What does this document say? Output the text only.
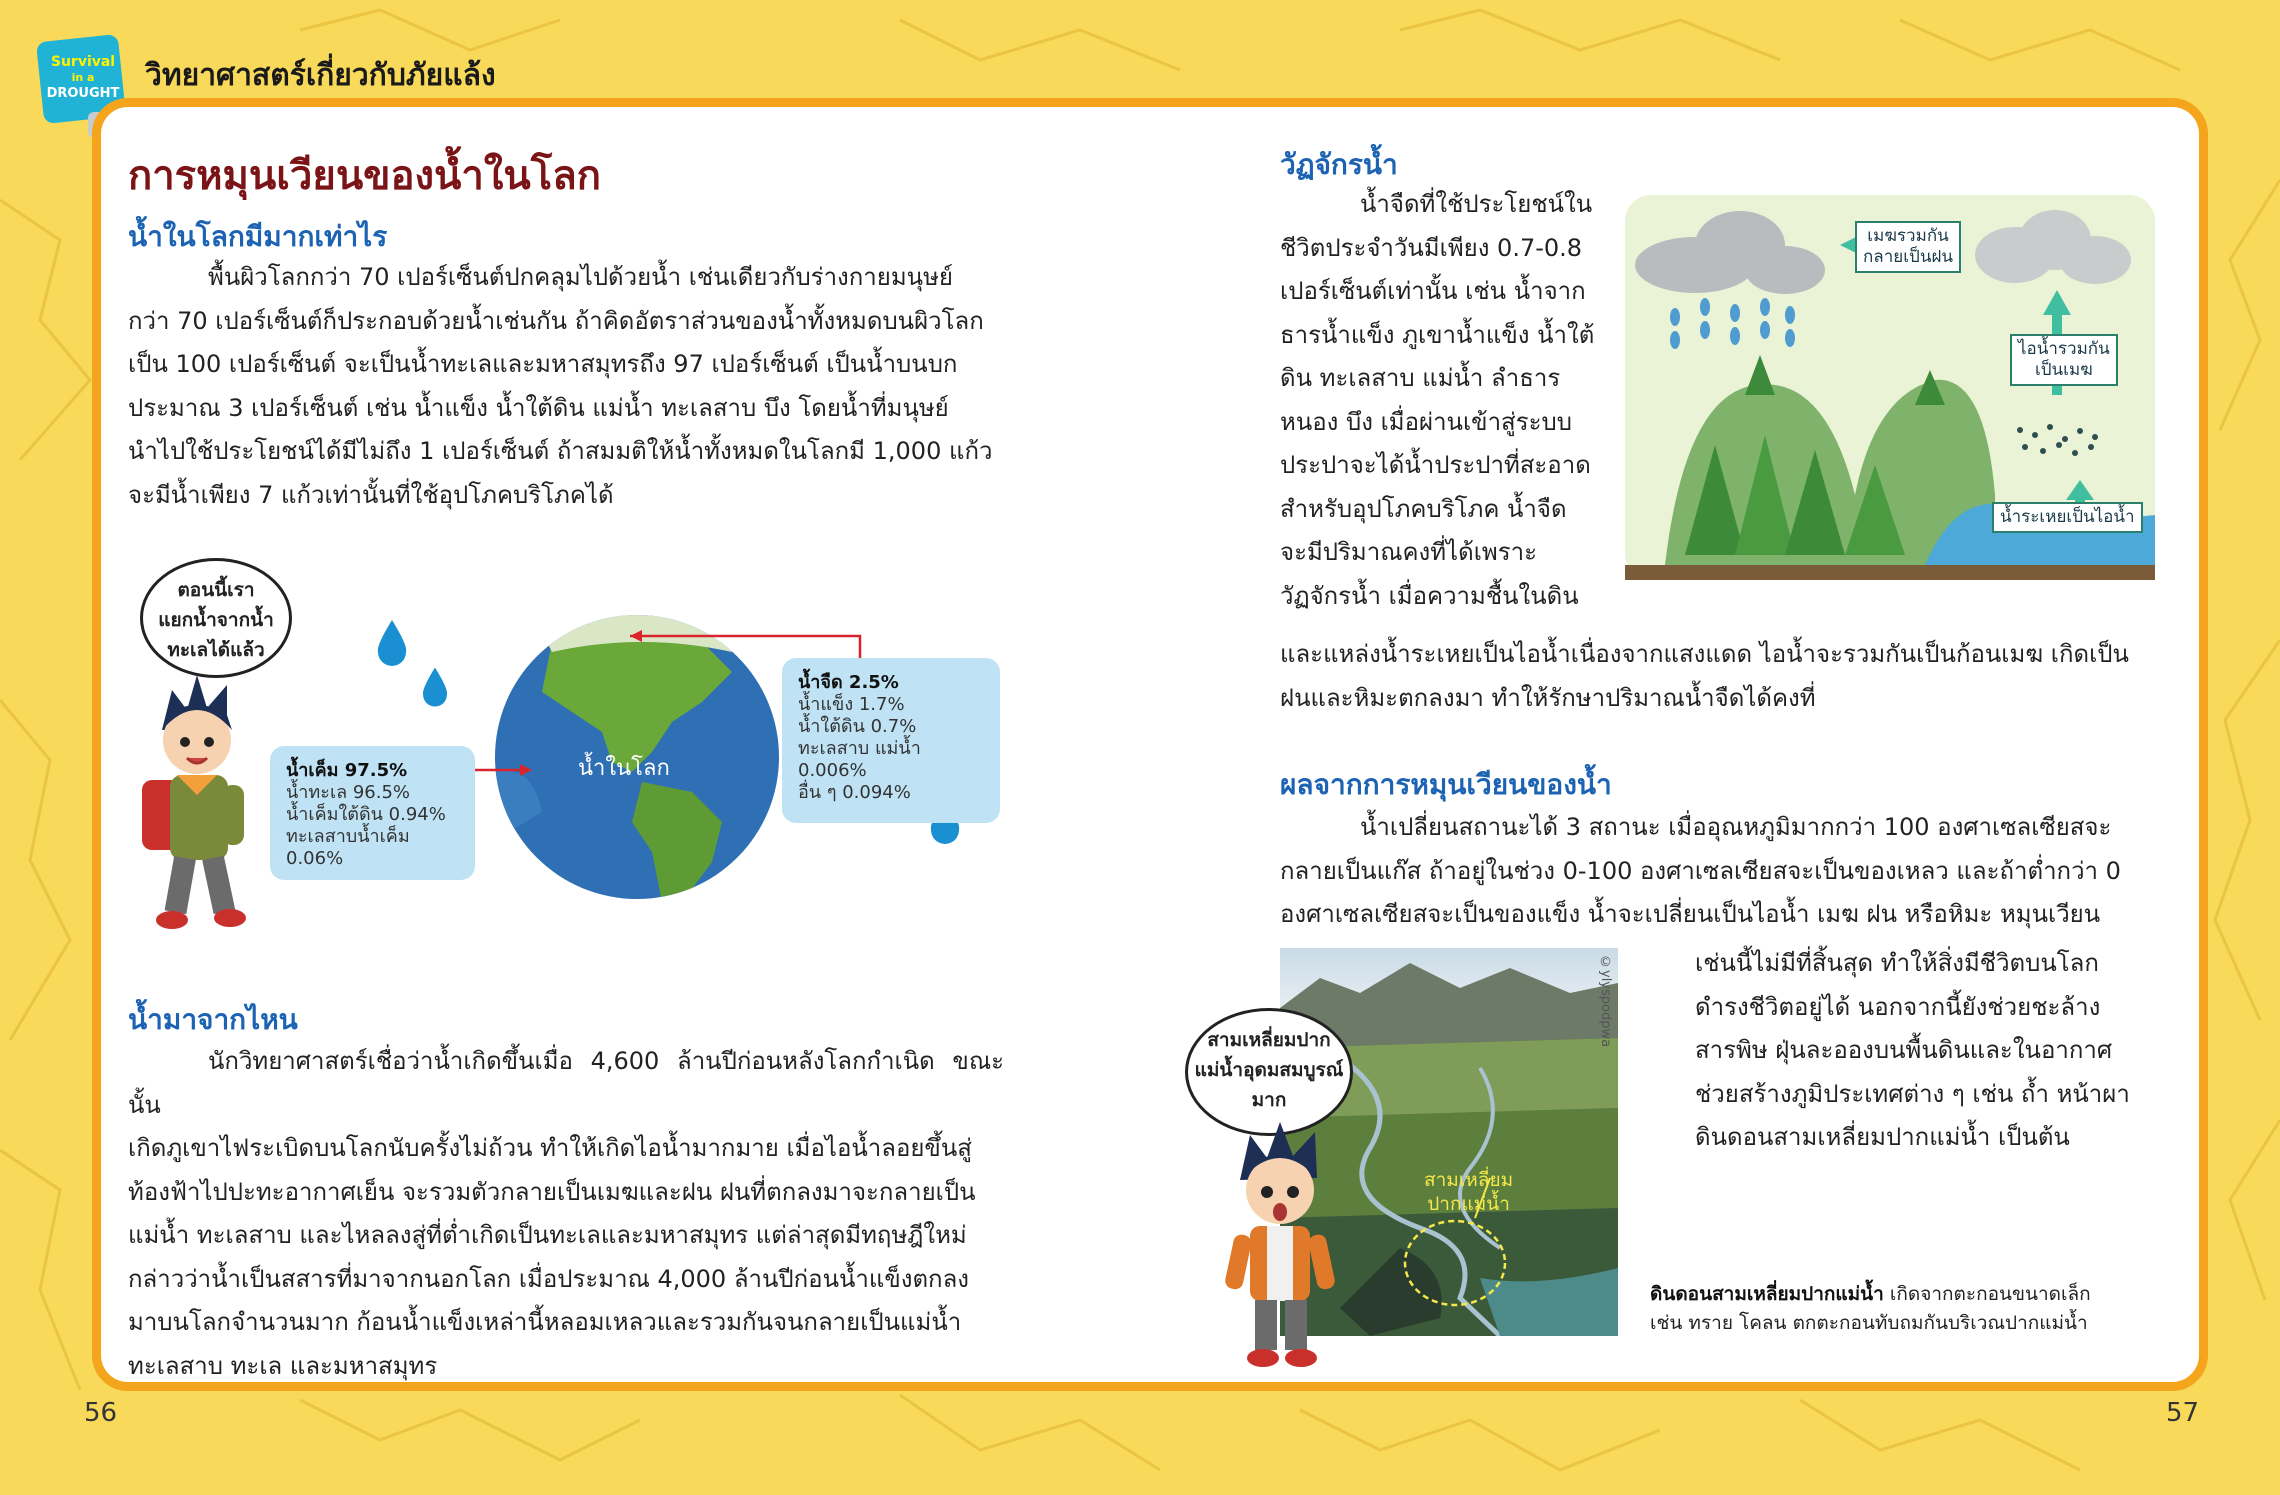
Survival
in a
DROUGHT
วิทยาศาสตร์เกี่ยวกับภัยแล้ง
การหมุนเวียนของน้ำในโลก
น้ำในโลกมีมากเท่าไร
พื้นผิวโลกกว่า 70 เปอร์เซ็นต์ปกคลุมไปด้วยน้ำ เช่นเดียวกับร่างกายมนุษย์
กว่า 70 เปอร์เซ็นต์ก็ประกอบด้วยน้ำเช่นกัน ถ้าคิดอัตราส่วนของน้ำทั้งหมดบนผิวโลก
เป็น 100 เปอร์เซ็นต์ จะเป็นน้ำทะเลและมหาสมุทรถึง 97 เปอร์เซ็นต์ เป็นน้ำบนบก
ประมาณ 3 เปอร์เซ็นต์ เช่น น้ำแข็ง น้ำใต้ดิน แม่น้ำ ทะเลสาบ บึง โดยน้ำที่มนุษย์
นำไปใช้ประโยชน์ได้มีไม่ถึง 1 เปอร์เซ็นต์ ถ้าสมมติให้น้ำทั้งหมดในโลกมี 1,000 แก้ว
จะมีน้ำเพียง 7 แก้วเท่านั้นที่ใช้อุปโภคบริโภคได้
ตอนนี้เรา
แยกน้ำจากน้ำ
ทะเลได้แล้ว
น้ำในโลก
น้ำเค็ม 97.5%
น้ำทะเล 96.5%
น้ำเค็มใต้ดิน 0.94%
ทะเลสาบน้ำเค็ม 0.06%
น้ำจืด 2.5%
น้ำแข็ง 1.7%
น้ำใต้ดิน 0.7%
ทะเลสาบ แม่น้ำ 0.006%
อื่น ๆ 0.094%
น้ำมาจากไหน
นักวิทยาศาสตร์เชื่อว่าน้ำเกิดขึ้นเมื่อ 4,600 ล้านปีก่อนหลังโลกกำเนิด ขณะนั้น
เกิดภูเขาไฟระเบิดบนโลกนับครั้งไม่ถ้วน ทำให้เกิดไอน้ำมากมาย เมื่อไอน้ำลอยขึ้นสู่
ท้องฟ้าไปปะทะอากาศเย็น จะรวมตัวกลายเป็นเมฆและฝน ฝนที่ตกลงมาจะกลายเป็น
แม่น้ำ ทะเลสาบ และไหลลงสู่ที่ต่ำเกิดเป็นทะเลและมหาสมุทร แต่ล่าสุดมีทฤษฎีใหม่
กล่าวว่าน้ำเป็นสสารที่มาจากนอกโลก เมื่อประมาณ 4,000 ล้านปีก่อนน้ำแข็งตกลง
มาบนโลกจำนวนมาก ก้อนน้ำแข็งเหล่านี้หลอมเหลวและรวมกันจนกลายเป็นแม่น้ำ
ทะเลสาบ ทะเล และมหาสมุทร
56
วัฏจักรน้ำ
น้ำจืดที่ใช้ประโยชน์ใน
ชีวิตประจำวันมีเพียง 0.7-0.8
เปอร์เซ็นต์เท่านั้น เช่น น้ำจาก
ธารน้ำแข็ง ภูเขาน้ำแข็ง น้ำใต้
ดิน ทะเลสาบ แม่น้ำ ลำธาร
หนอง บึง เมื่อผ่านเข้าสู่ระบบ
ประปาจะได้น้ำประปาที่สะอาด
สำหรับอุปโภคบริโภค น้ำจืด
จะมีปริมาณคงที่ได้เพราะ
วัฏจักรน้ำ เมื่อความชื้นในดิน
และแหล่งน้ำระเหยเป็นไอน้ำเนื่องจากแสงแดด ไอน้ำจะรวมกันเป็นก้อนเมฆ เกิดเป็น
ฝนและหิมะตกลงมา ทำให้รักษาปริมาณน้ำจืดได้คงที่
เมฆรวมกัน
กลายเป็นฝน
ไอน้ำรวมกัน
เป็นเมฆ
น้ำระเหยเป็นไอน้ำ
ผลจากการหมุนเวียนของน้ำ
น้ำเปลี่ยนสถานะได้ 3 สถานะ เมื่ออุณหภูมิมากกว่า 100 องศาเซลเซียสจะ
กลายเป็นแก๊ส ถ้าอยู่ในช่วง 0-100 องศาเซลเซียสจะเป็นของเหลว และถ้าต่ำกว่า 0
องศาเซลเซียสจะเป็นของแข็ง น้ำจะเปลี่ยนเป็นไอน้ำ เมฆ ฝน หรือหิมะ หมุนเวียน
เช่นนี้ไม่มีที่สิ้นสุด ทำให้สิ่งมีชีวิตบนโลก
ดำรงชีวิตอยู่ได้ นอกจากนี้ยังช่วยชะล้าง
สารพิษ ฝุ่นละอองบนพื้นดินและในอากาศ
ช่วยสร้างภูมิประเทศต่าง ๆ เช่น ถ้ำ หน้าผา
ดินดอนสามเหลี่ยมปากแม่น้ำ เป็นต้น
©ylyspodpwa
สามเหลี่ยม
ปากแม่น้ำ
สามเหลี่ยมปาก
แม่น้ำอุดมสมบูรณ์
มาก
ดินดอนสามเหลี่ยมปากแม่น้ำ เกิดจากตะกอนขนาดเล็ก
เช่น ทราย โคลน ตกตะกอนทับถมกันบริเวณปากแม่น้ำ
57
